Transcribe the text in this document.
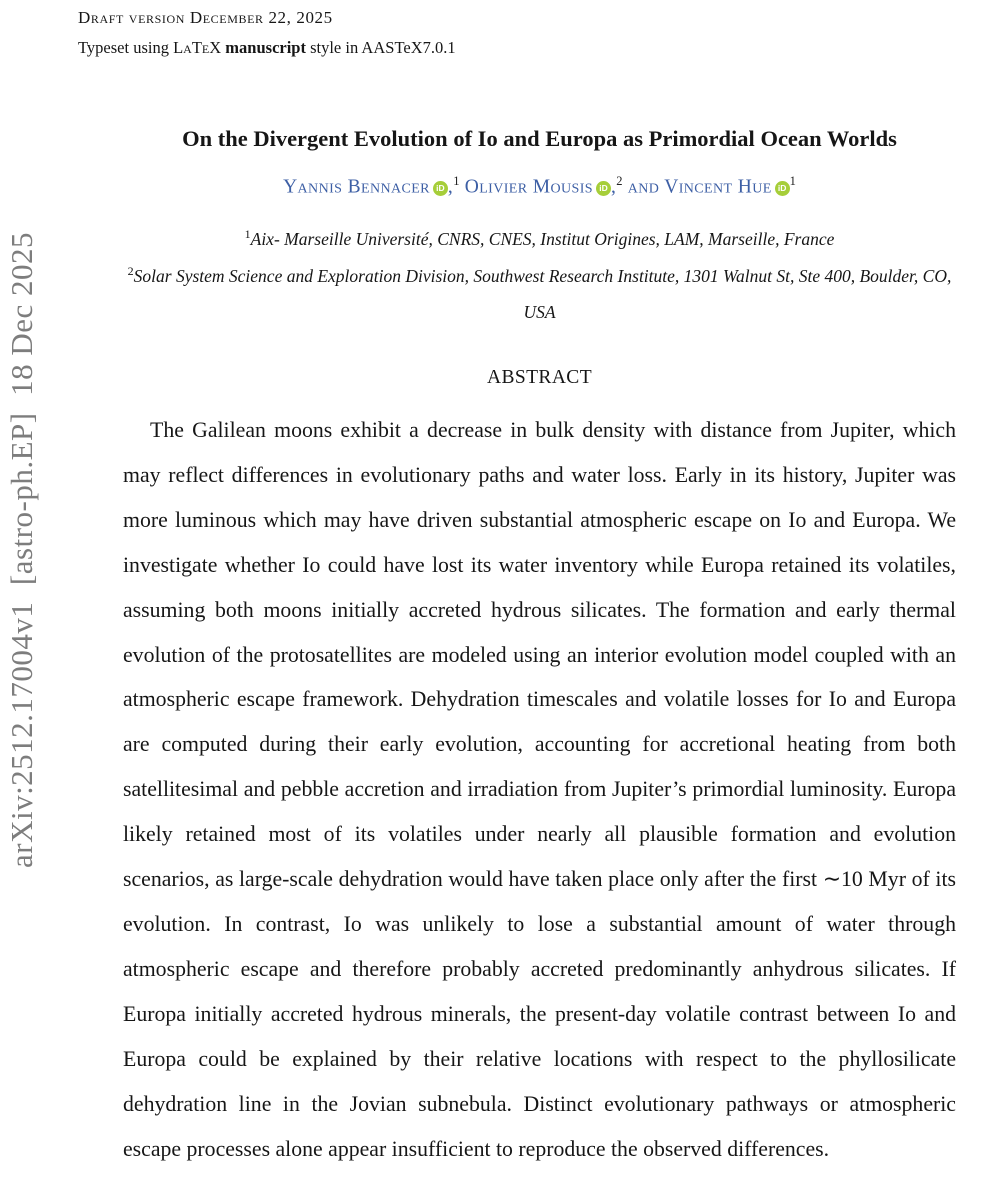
Draft version December 22, 2025
Typeset using LaTeX manuscript style in AASTeX7.0.1
arXiv:2512.17004v1  [astro-ph.EP]  18 Dec 2025
On the Divergent Evolution of Io and Europa as Primordial Ocean Worlds
Yannis Bennacer iD ,$^1$ Olivier Mousis iD ,$^2$ and Vincent Hue iD $^1$
$^1$Aix- Marseille Université, CNRS, CNES, Institut Origines, LAM, Marseille, France
$^2$Solar System Science and Exploration Division, Southwest Research Institute, 1301 Walnut St, Ste 400, Boulder, CO, USA
ABSTRACT
The Galilean moons exhibit a decrease in bulk density with distance from Jupiter, which may reflect differences in evolutionary paths and water loss. Early in its history, Jupiter was more luminous which may have driven substantial atmospheric escape on Io and Europa. We investigate whether Io could have lost its water inventory while Europa retained its volatiles, assuming both moons initially accreted hydrous silicates. The formation and early thermal evolution of the protosatellites are modeled using an interior evolution model coupled with an atmospheric escape framework. Dehydration timescales and volatile losses for Io and Europa are computed during their early evolution, accounting for accretional heating from both satellitesimal and pebble accretion and irradiation from Jupiter’s primordial luminosity. Europa likely retained most of its volatiles under nearly all plausible formation and evolution scenarios, as large-scale dehydration would have taken place only after the first ∼10 Myr of its evolution. In contrast, Io was unlikely to lose a substantial amount of water through atmospheric escape and therefore probably accreted predominantly anhydrous silicates. If Europa initially accreted hydrous minerals, the present-day volatile contrast between Io and Europa could be explained by their relative locations with respect to the phyllosilicate dehydration line in the Jovian subnebula. Distinct evolutionary pathways or atmospheric escape processes alone appear insufficient to reproduce the observed differences.
